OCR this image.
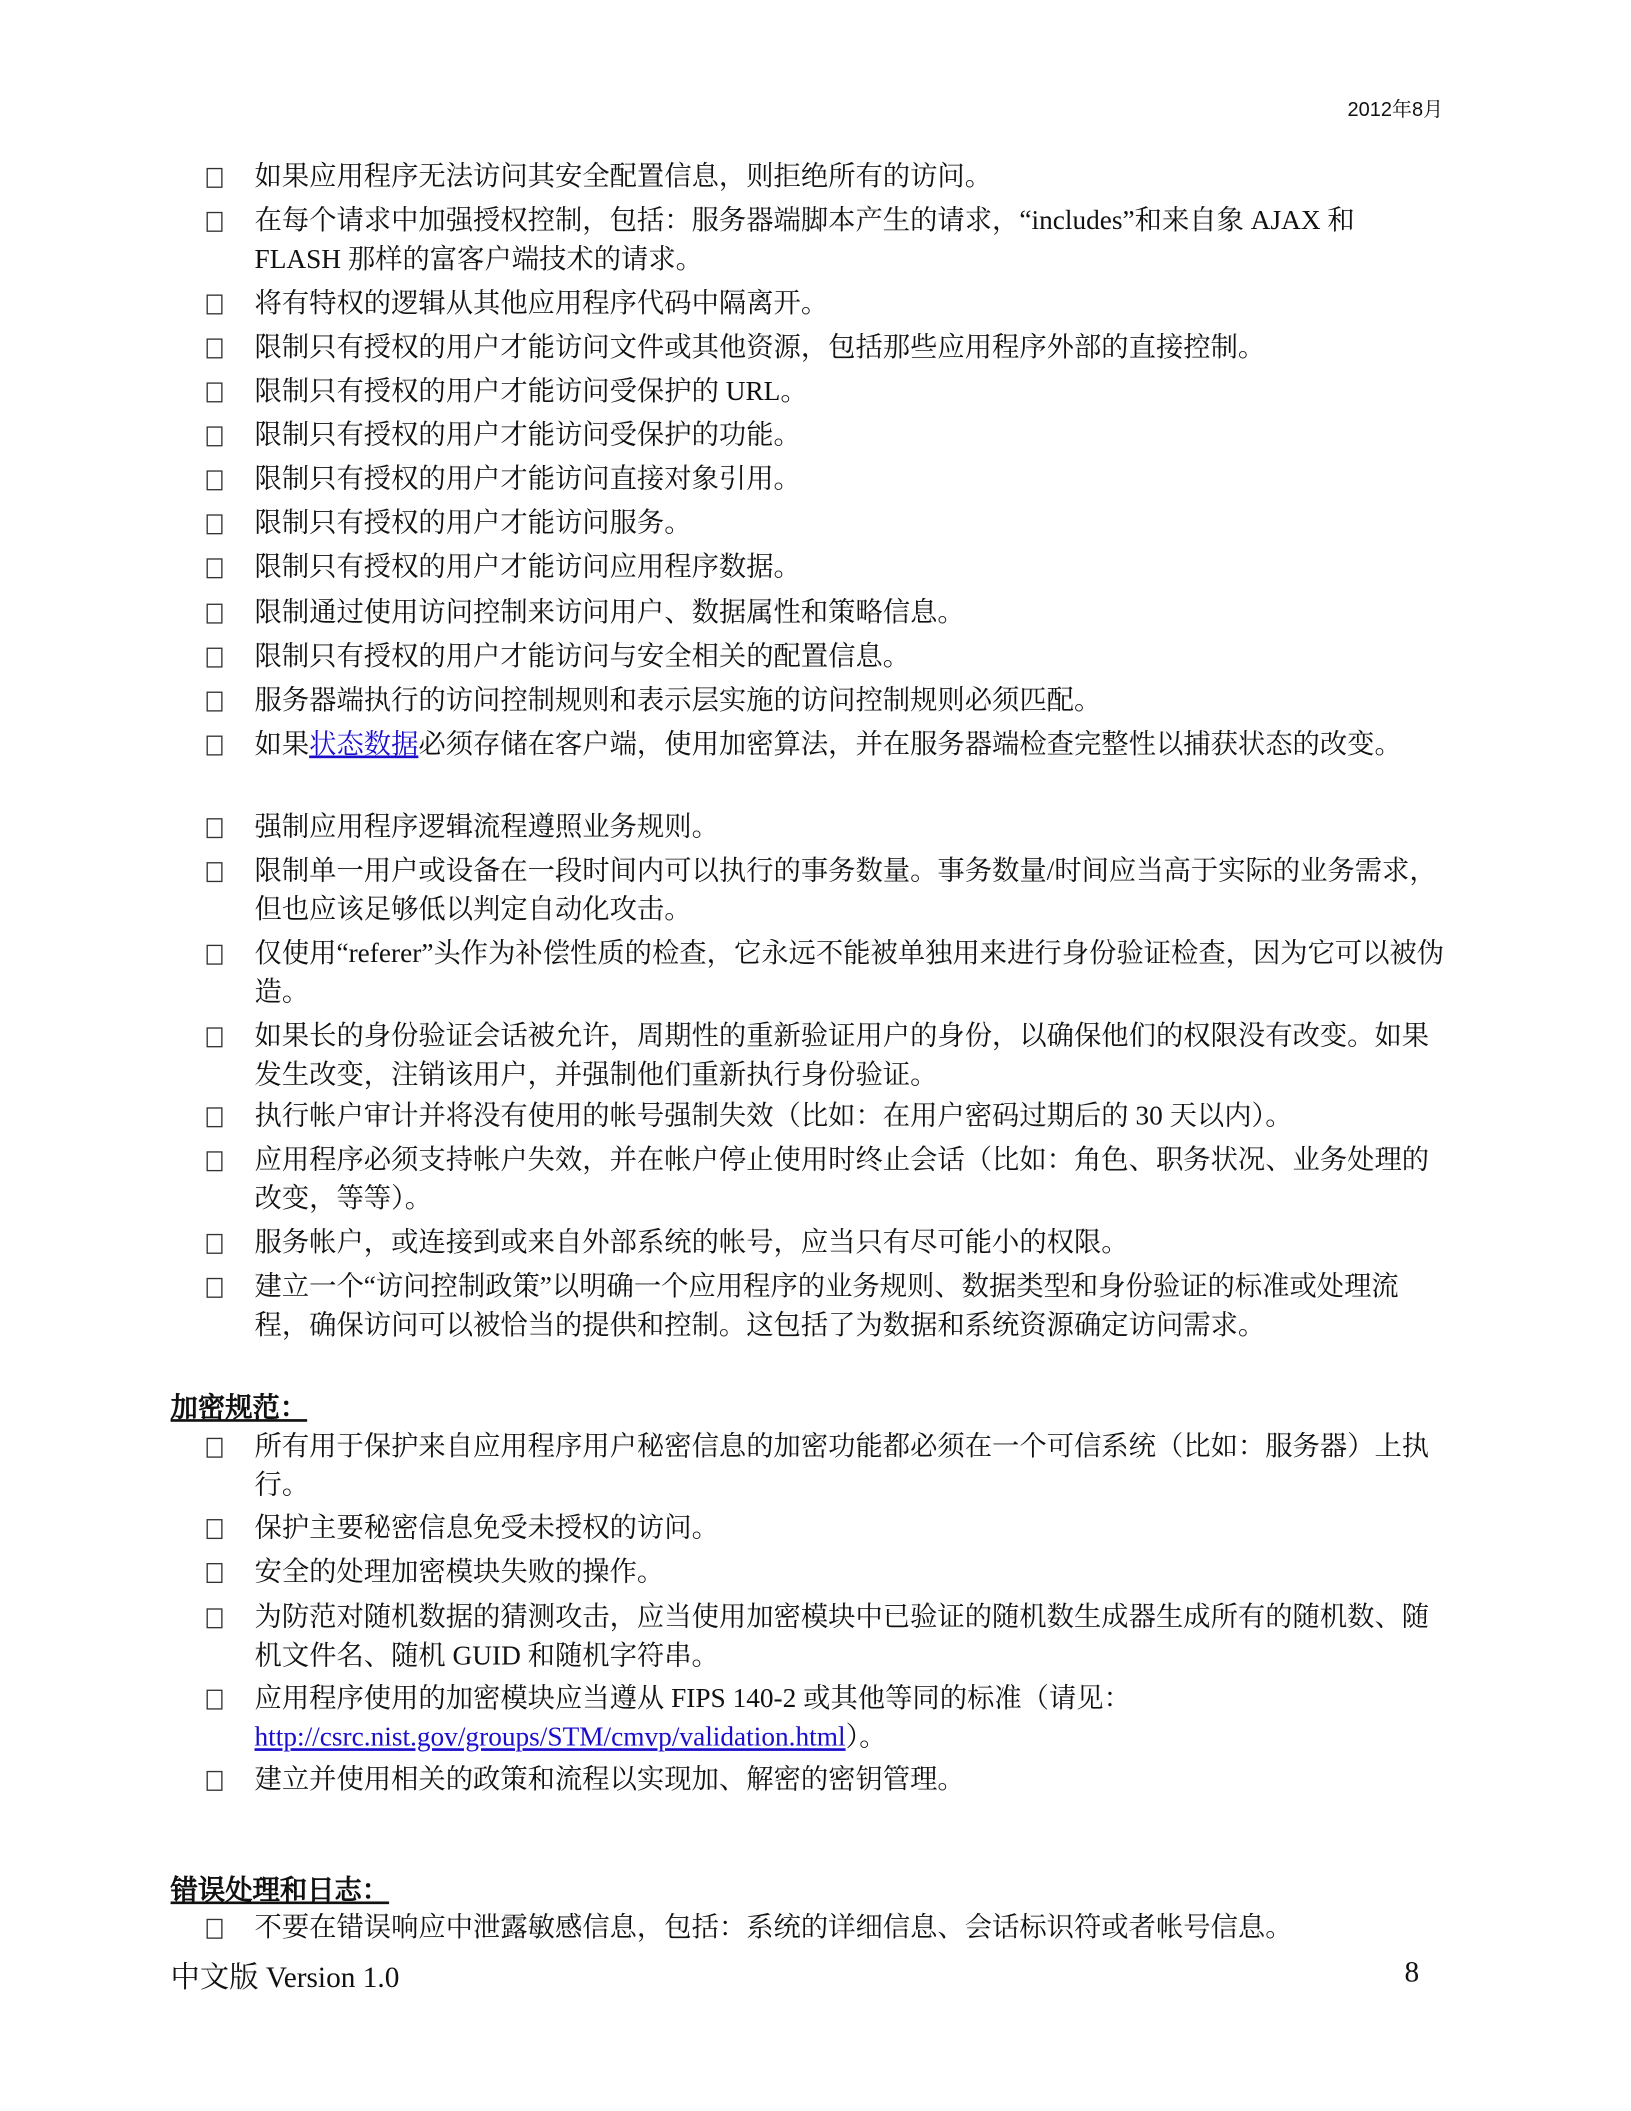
2012年8月
中文版 Version 1.0	8
如果应用程序无法访问其安全配置信息，则拒绝所有的访问。
在每个请求中加强授权控制，包括：服务器端脚本产生的请求，“includes”和来自象 AJAX 和 FLASH 那样的富客户端技术的请求。
将有特权的逻辑从其他应用程序代码中隔离开。
限制只有授权的用户才能访问文件或其他资源，包括那些应用程序外部的直接控制。
限制只有授权的用户才能访问受保护的 URL。
限制只有授权的用户才能访问受保护的功能。
限制只有授权的用户才能访问直接对象引用。
限制只有授权的用户才能访问服务。
限制只有授权的用户才能访问应用程序数据。
限制通过使用访问控制来访问用户、数据属性和策略信息。
限制只有授权的用户才能访问与安全相关的配置信息。
服务器端执行的访问控制规则和表示层实施的访问控制规则必须匹配。
如果状态数据必须存储在客户端，使用加密算法，并在服务器端检查完整性以捕获状态的改变。
强制应用程序逻辑流程遵照业务规则。
限制单一用户或设备在一段时间内可以执行的事务数量。事务数量/时间应当高于实际的业务需求，但也应该足够低以判定自动化攻击。
仅使用“referer”头作为补偿性质的检查，它永远不能被单独用来进行身份验证检查，因为它可以被伪造。
如果长的身份验证会话被允许，周期性的重新验证用户的身份，以确保他们的权限没有改变。如果发生改变，注销该用户，并强制他们重新执行身份验证。
执行帐户审计并将没有使用的帐号强制失效（比如：在用户密码过期后的 30 天以内）。
应用程序必须支持帐户失效，并在帐户停止使用时终止会话（比如：角色、职务状况、业务处理的改变，等等）。
服务帐户，或连接到或来自外部系统的帐号，应当只有尽可能小的权限。
建立一个“访问控制政策”以明确一个应用程序的业务规则、数据类型和身份验证的标准或处理流程，确保访问可以被恰当的提供和控制。这包括了为数据和系统资源确定访问需求。
加密规范：
所有用于保护来自应用程序用户秘密信息的加密功能都必须在一个可信系统（比如：服务器）上执行。
保护主要秘密信息免受未授权的访问。
安全的处理加密模块失败的操作。
为防范对随机数据的猜测攻击，应当使用加密模块中已验证的随机数生成器生成所有的随机数、随机文件名、随机 GUID 和随机字符串。
应用程序使用的加密模块应当遵从 FIPS 140-2 或其他等同的标准（请见：http://csrc.nist.gov/groups/STM/cmvp/validation.html）。
建立并使用相关的政策和流程以实现加、解密的密钥管理。
错误处理和日志：
不要在错误响应中泄露敏感信息，包括：系统的详细信息、会话标识符或者帐号信息。
